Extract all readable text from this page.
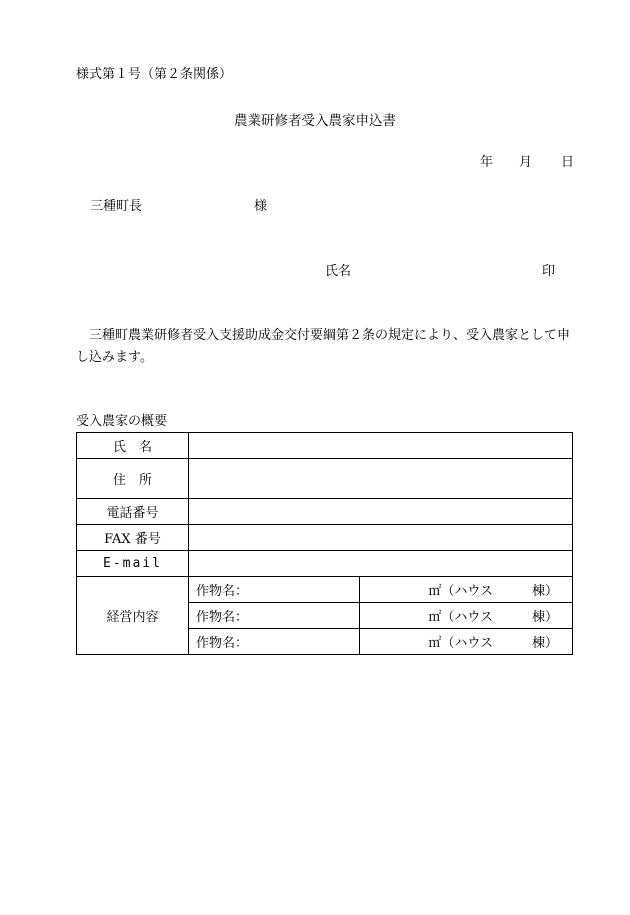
様式第１号（第２条関係）
農業研修者受入農家申込書
年 月 日
三種町長	様
氏名	印
三種町農業研修者受入支援助成金交付要綱第２条の規定により、受入農家として申し込みます。
受入農家の概要
氏　名		
住　所		
電話番号		
FAX 番号		
E-mail		
経営内容	作物名：	㎡（ハウス　　　棟）
	作物名：	㎡（ハウス　　　棟）
	作物名：	㎡（ハウス　　　棟）
